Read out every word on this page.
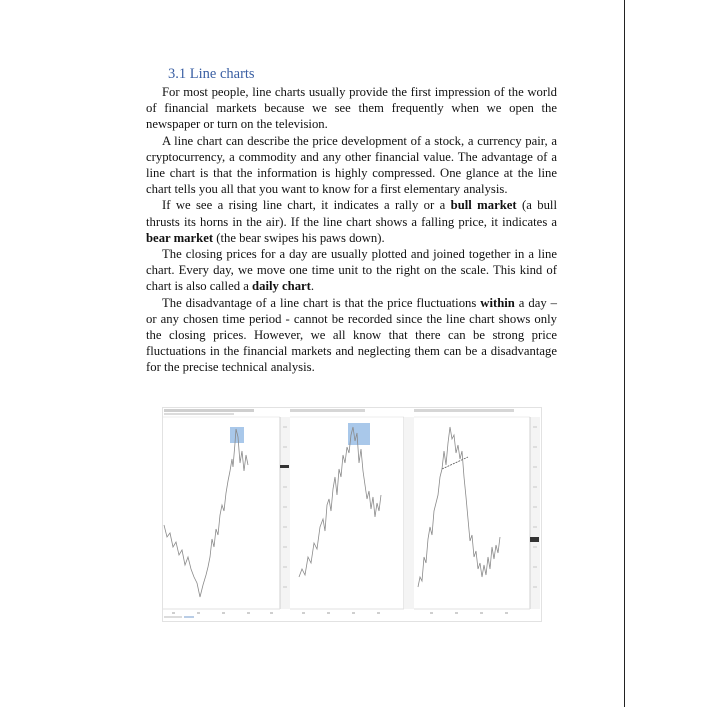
3.1 Line charts

For most people, line charts usually provide the first impression of the world of financial markets because we see them frequently when we open the newspaper or turn on the television.

A line chart can describe the price development of a stock, a currency pair, a cryptocurrency, a commodity and any other financial value. The advantage of a line chart is that the information is highly compressed. One glance at the line chart tells you all that you want to know for a first elementary analysis.

If we see a rising line chart, it indicates a rally or a bull market (a bull thrusts its horns in the air). If the line chart shows a falling price, it indicates a bear market (the bear swipes his paws down).

The closing prices for a day are usually plotted and joined together in a line chart. Every day, we move one time unit to the right on the scale. This kind of chart is also called a daily chart.

The disadvantage of a line chart is that the price fluctuations within a day – or any chosen time period - cannot be recorded since the line chart shows only the closing prices. However, we all know that there can be strong price fluctuations in the financial markets and neglecting them can be a disadvantage for the precise technical analysis.
